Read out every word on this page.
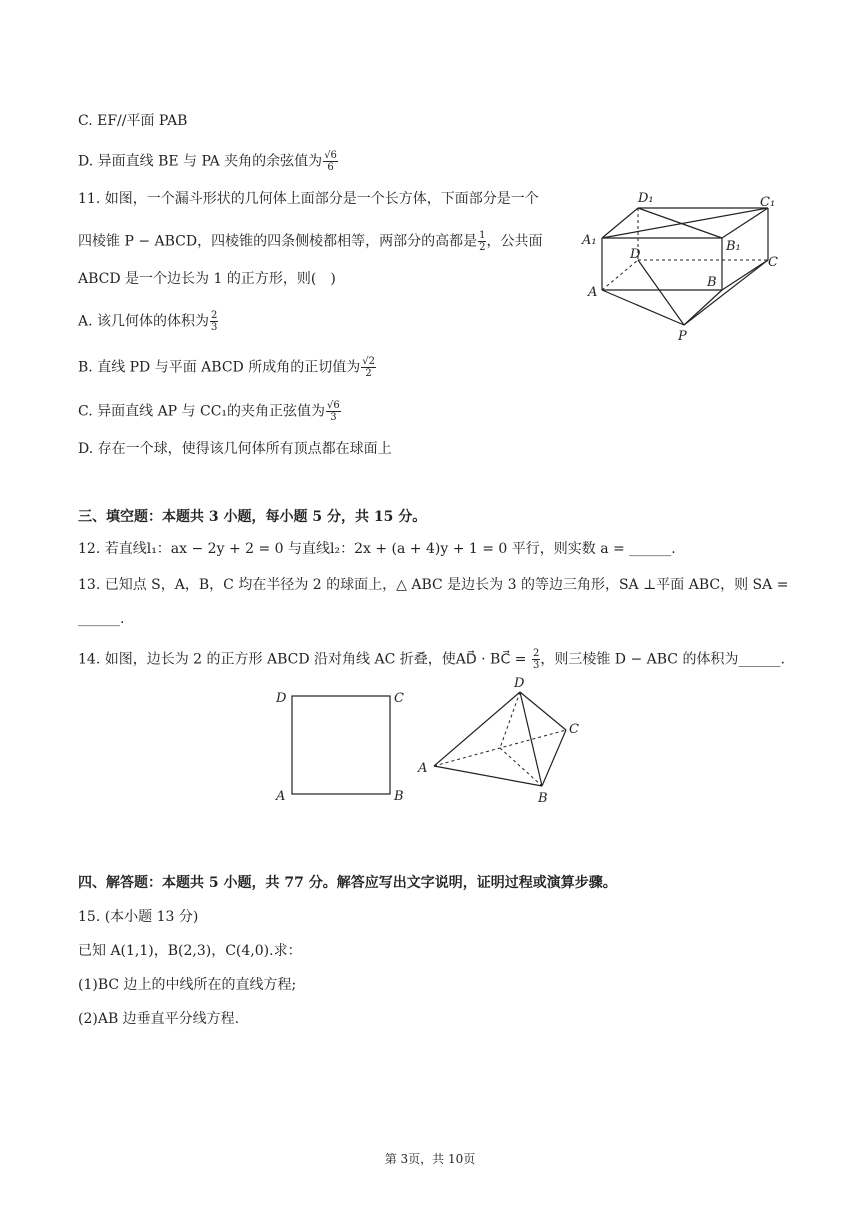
C. EF//平面 PAB
D. 异面直线 BE 与 PA 夹角的余弦值为 $\frac{√6}{6}$
11. 如图，一个漏斗形状的几何体上面部分是一个长方体，下面部分是一个
四棱锥 P − ABCD，四棱锥的四条侧棱都相等，两部分的高都是 $\frac{1}{2}$ ，公共面
ABCD 是一个边长为 1 的正方形，则(　)
A. 该几何体的体积为 $\frac{2}{3}$
B. 直线 PD 与平面 ABCD 所成角的正切值为 $\frac{√2}{2}$
C. 异面直线 AP 与 CC₁的夹角正弦值为 $\frac{√6}{3}$
D. 存在一个球，使得该几何体所有顶点都在球面上
D₁	C₁
A₁	B₁
D
C
A
B
P
三、填空题：本题共 3 小题，每小题 5 分，共 15 分。
12. 若直线l₁：ax − 2y + 2 = 0 与直线l₂：2x + (a + 4)y + 1 = 0 平行，则实数 a = ______.
13. 已知点 S，A，B，C 均在半径为 2 的球面上，△ ABC 是边长为 3 的等边三角形，SA ⊥平面 ABC，则 SA =
______.
14. 如图，边长为 2 的正方形 ABCD 沿对角线 AC 折叠，使AD⃗ · BC⃗ = $\frac{2}{3}$ ，则三棱锥 D − ABC 的体积为______.
D	C
A	B
D
C
A
B
四、解答题：本题共 5 小题，共 77 分。解答应写出文字说明，证明过程或演算步骤。
15. (本小题 13 分)
已知 A(1,1)，B(2,3)，C(4,0).求：
(1)BC 边上的中线所在的直线方程;
(2)AB 边垂直平分线方程.
第 3页，共 10页
